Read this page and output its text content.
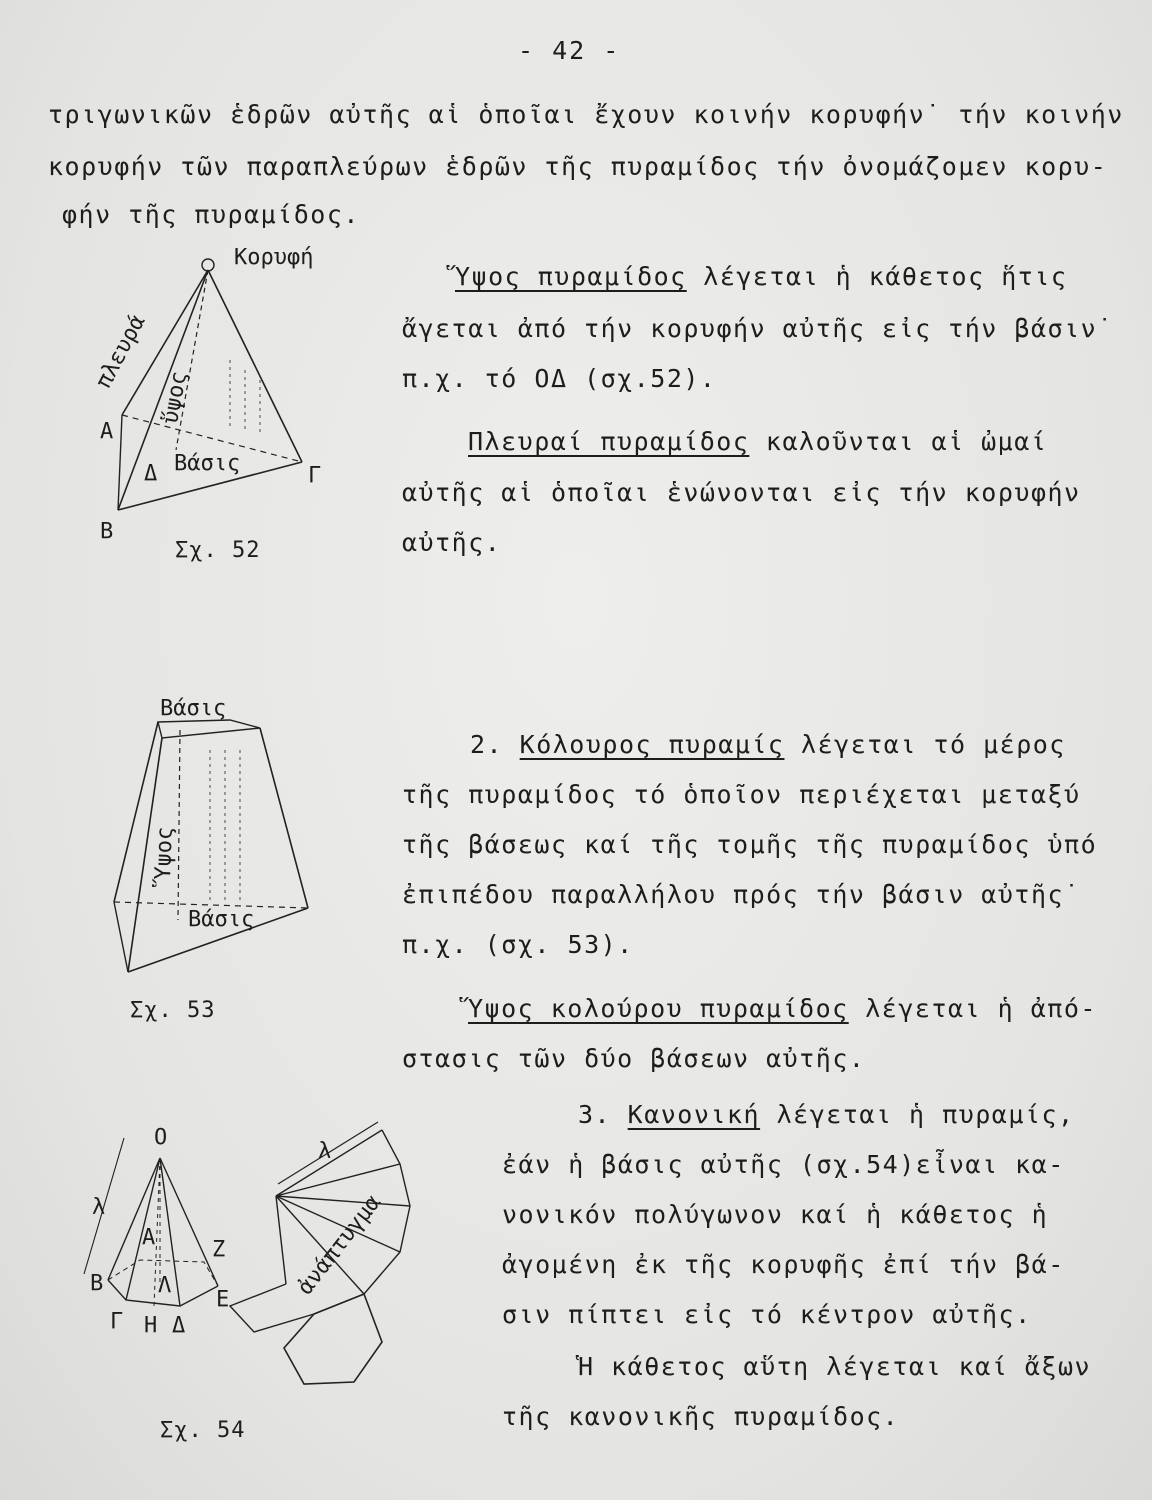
- 42 -
τριγωνικῶν ἑδρῶν αὐτῆς αἱ ὁποῖαι ἔχουν κοινήν κορυφήν˙ τήν κοινήν
κορυφήν τῶν παραπλεύρων ἑδρῶν τῆς πυραμίδος τήν ὀνομάζομεν κορυ-
φήν τῆς πυραμίδος.
Ὕψος πυραμίδος λέγεται ἡ κάθετος ἥτις
ἄγεται ἀπό τήν κορυφήν αὐτῆς εἰς τήν βάσιν˙
π.χ. τό ΟΔ (σχ.52).
Πλευραί πυραμίδος καλοῦνται αἱ ὠμαί
αὐτῆς αἱ ὁποῖαι ἑνώνονται εἰς τήν κορυφήν
αὐτῆς.
2. Κόλουρος πυραμίς λέγεται τό μέρος
τῆς πυραμίδος τό ὁποῖον περιέχεται μεταξύ
τῆς βάσεως καί τῆς τομῆς τῆς πυραμίδος ὑπό
ἐπιπέδου παραλλήλου πρός τήν βάσιν αὐτῆς˙
π.χ. (σχ. 53).
Ὕψος κολούρου πυραμίδος λέγεται ἡ ἀπό-
στασις τῶν δύο βάσεων αὐτῆς.
3. Κανονική λέγεται ἡ πυραμίς,
ἐάν ἡ βάσις αὐτῆς (σχ.54)εἶναι κα-
νονικόν πολύγωνον καί ἡ κάθετος ἡ
ἀγομένη ἐκ τῆς κορυφῆς ἐπί τήν βά-
σιν πίπτει εἰς τό κέντρον αὐτῆς.
Ἡ κάθετος αὕτη λέγεται καί ἄξων
τῆς κανονικῆς πυραμίδος.
Κορυφή
πλευρά
ὕψος
Βάσις
Α
Β
Γ
Δ
Σχ. 52
Βάσις
Ὕψος
Βάσις
Σχ. 53
Ο
λ
Α	Ζ
Ε
Β Λ
Γ Η Δ
λ
ἀνάπτυγμα
Σχ. 54
